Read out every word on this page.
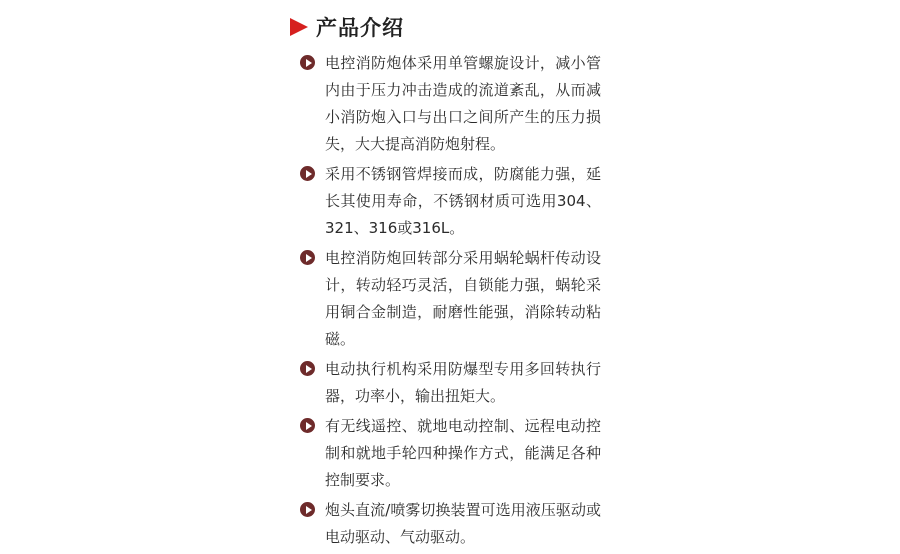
产品介绍
电控消防炮体采用单管螺旋设计，减小管内由于压力冲击造成的流道紊乱，从而减小消防炮入口与出口之间所产生的压力损失，大大提高消防炮射程。
采用不锈钢管焊接而成，防腐能力强，延长其使用寿命，不锈钢材质可选用304、321、316或316L。
电控消防炮回转部分采用蜗轮蜗杆传动设计，转动轻巧灵活，自锁能力强，蜗轮采用铜合金制造，耐磨性能强，消除转动粘磁。
电动执行机构采用防爆型专用多回转执行器，功率小，输出扭矩大。
有无线遥控、就地电动控制、远程电动控制和就地手轮四种操作方式，能满足各种控制要求。
炮头直流/喷雾切换装置可选用液压驱动或电动驱动、气动驱动。
